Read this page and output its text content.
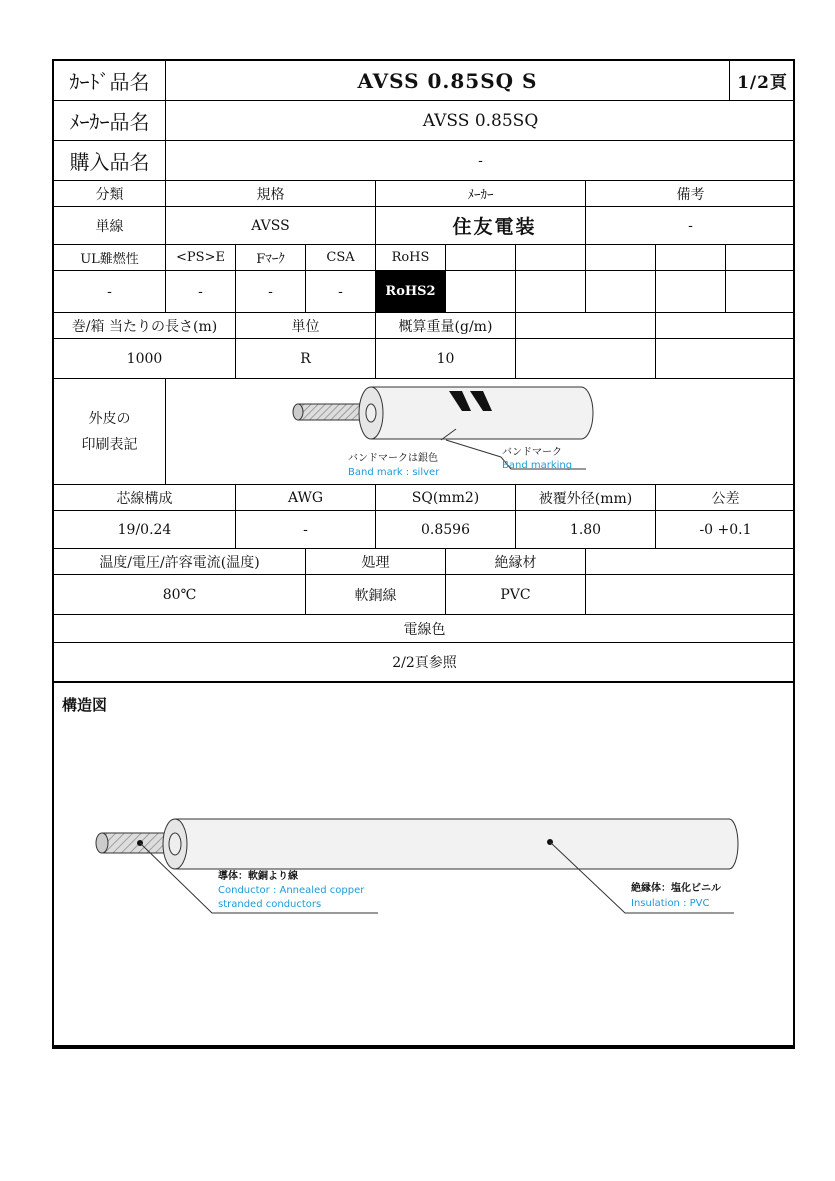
ｶｰﾄﾞ品名	AVSS 0.85SQ S	1/2頁
ﾒｰｶｰ品名	AVSS 0.85SQ
購入品名	-
分類	規格	ﾒｰｶｰ	備考
単線	AVSS	住友電装	-
UL難燃性	<PS>E	Fﾏｰｸ	CSA	RoHS
-	-	-	-	RoHS2
巻/箱 当たりの長さ(m)	単位	概算重量(g/m)
1000	R	10
外皮の
印刷表記
バンドマークは銀色
Band mark : silver
バンドマーク
Band marking
芯線構成	AWG	SQ(mm2)	被覆外径(mm)	公差
19/0.24	-	0.8596	1.80	-0 +0.1
温度/電圧/許容電流(温度)	処理	絶縁材
80℃	軟銅線	PVC
電線色
2/2頁参照
構造図
導体：軟銅より線
Conductor : Annealed copper
stranded conductors
絶縁体：塩化ビニル
Insulation : PVC
